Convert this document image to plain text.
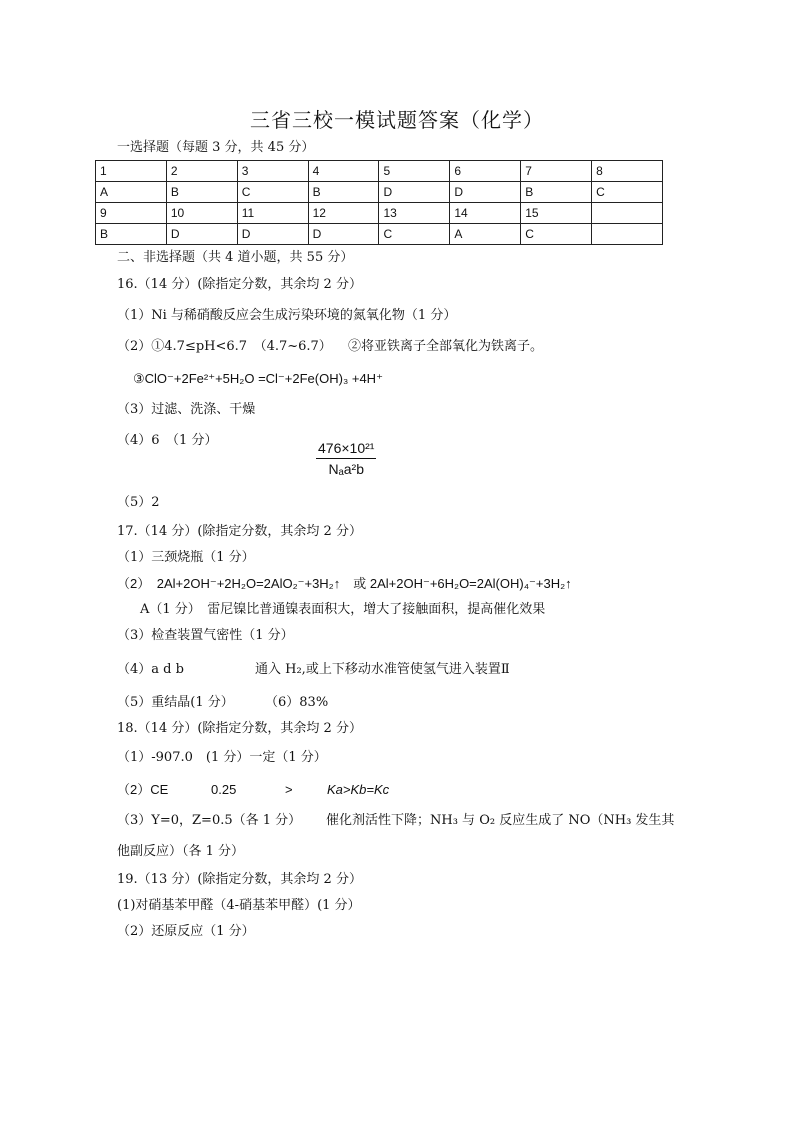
三省三校一模试题答案（化学）
一选择题（每题 3 分，共 45 分）
1	2	3	4	5	6	7	8
A	B	C	B	D	D	B	C
9	10	11	12	13	14	15	
B	D	D	D	C	A	C	
二、非选择题（共 4 道小题，共 55 分）
16.（14 分）(除指定分数，其余均 2 分）
（1）Ni 与稀硝酸反应会生成污染环境的氮氧化物（1 分）
（2）①4.7≤pH<6.7　（4.7~6.7） ②将亚铁离子全部氧化为铁离子。
③ClO⁻+2Fe²⁺+5H₂O =Cl⁻+2Fe(OH)₃ +4H⁺
（3）过滤、洗涤、干燥
（4）6　（1 分）	476×10²¹
Nₐa²b
（5）2
17.（14 分）(除指定分数，其余均 2 分）
（1）三颈烧瓶（1 分）
（2）　2Al+2OH⁻+2H₂O=2AlO₂⁻+3H₂↑　或 2Al+2OH⁻+6H₂O=2Al(OH)₄⁻+3H₂↑
A（1 分）　雷尼镍比普通镍表面积大，增大了接触面积，提高催化效果
（3）检查装置气密性（1 分）
（4）a d b	通入 H₂,或上下移动水准管使氢气进入装置Ⅱ
（5）重结晶(1 分） （6）83%
18.（14 分）(除指定分数，其余均 2 分）
（1）-907.0　(1 分）一定（1 分）
（2）CE	0.25	>	Ka>Kb=Kc
（3）Y=0，Z=0.5（各 1 分） 催化剂活性下降；NH₃ 与 O₂ 反应生成了 NO（NH₃ 发生其
他副反应）（各 1 分）
19.（13 分）(除指定分数，其余均 2 分）
(1)对硝基苯甲醛（4-硝基苯甲醛）(1 分）
（2）还原反应（1 分）
